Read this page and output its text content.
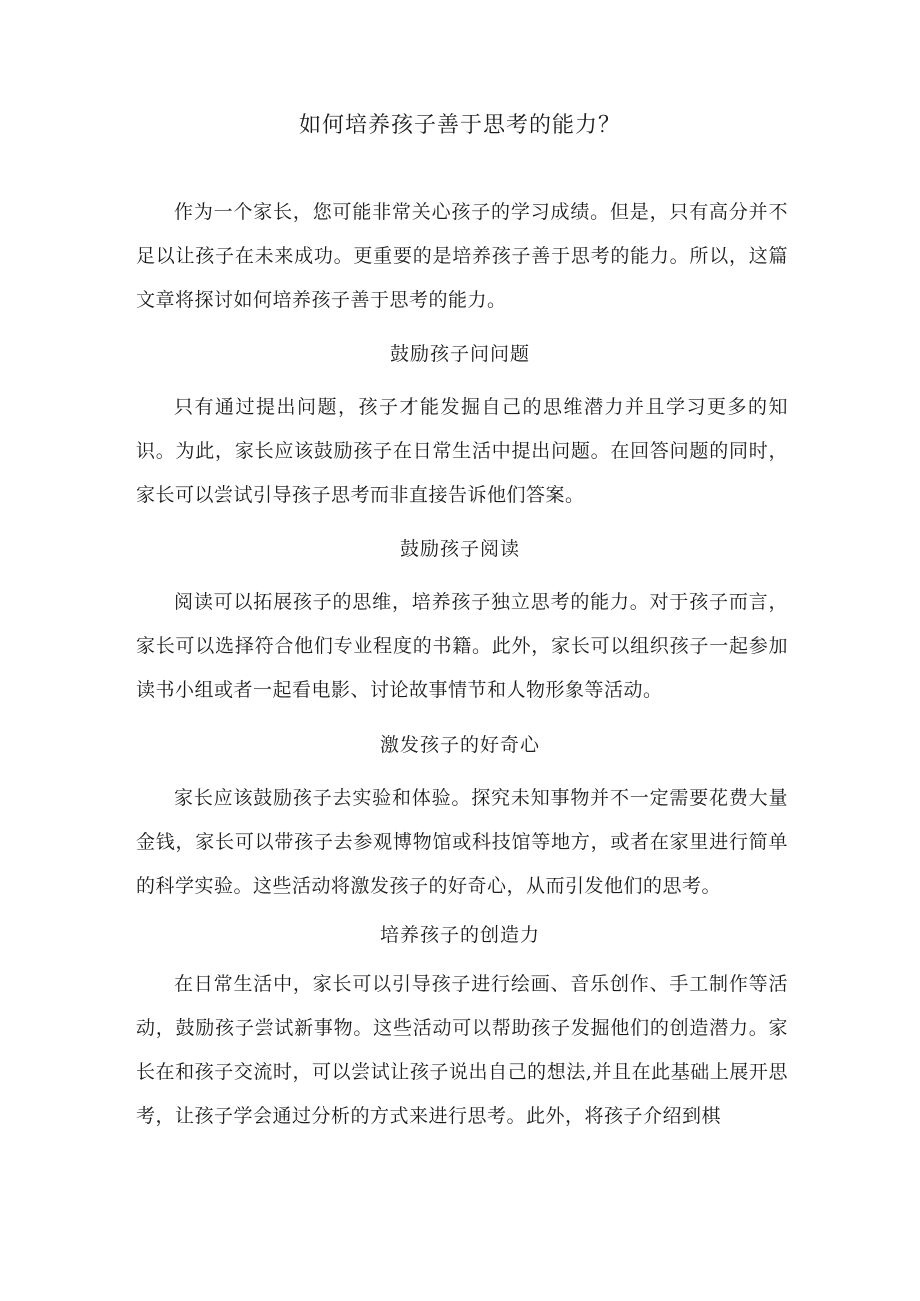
如何培养孩子善于思考的能力？

作为一个家长，您可能非常关心孩子的学习成绩。但是，只有高分并不足以让孩子在未来成功。更重要的是培养孩子善于思考的能力。所以，这篇文章将探讨如何培养孩子善于思考的能力。

鼓励孩子问问题

只有通过提出问题，孩子才能发掘自己的思维潜力并且学习更多的知识。为此，家长应该鼓励孩子在日常生活中提出问题。在回答问题的同时，家长可以尝试引导孩子思考而非直接告诉他们答案。

鼓励孩子阅读

阅读可以拓展孩子的思维，培养孩子独立思考的能力。对于孩子而言，家长可以选择符合他们专业程度的书籍。此外，家长可以组织孩子一起参加读书小组或者一起看电影、讨论故事情节和人物形象等活动。

激发孩子的好奇心

家长应该鼓励孩子去实验和体验。探究未知事物并不一定需要花费大量金钱，家长可以带孩子去参观博物馆或科技馆等地方，或者在家里进行简单的科学实验。这些活动将激发孩子的好奇心，从而引发他们的思考。

培养孩子的创造力

在日常生活中，家长可以引导孩子进行绘画、音乐创作、手工制作等活动，鼓励孩子尝试新事物。这些活动可以帮助孩子发掘他们的创造潜力。家长在和孩子交流时，可以尝试让孩子说出自己的想法,并且在此基础上展开思考，让孩子学会通过分析的方式来进行思考。此外，将孩子介绍到棋
